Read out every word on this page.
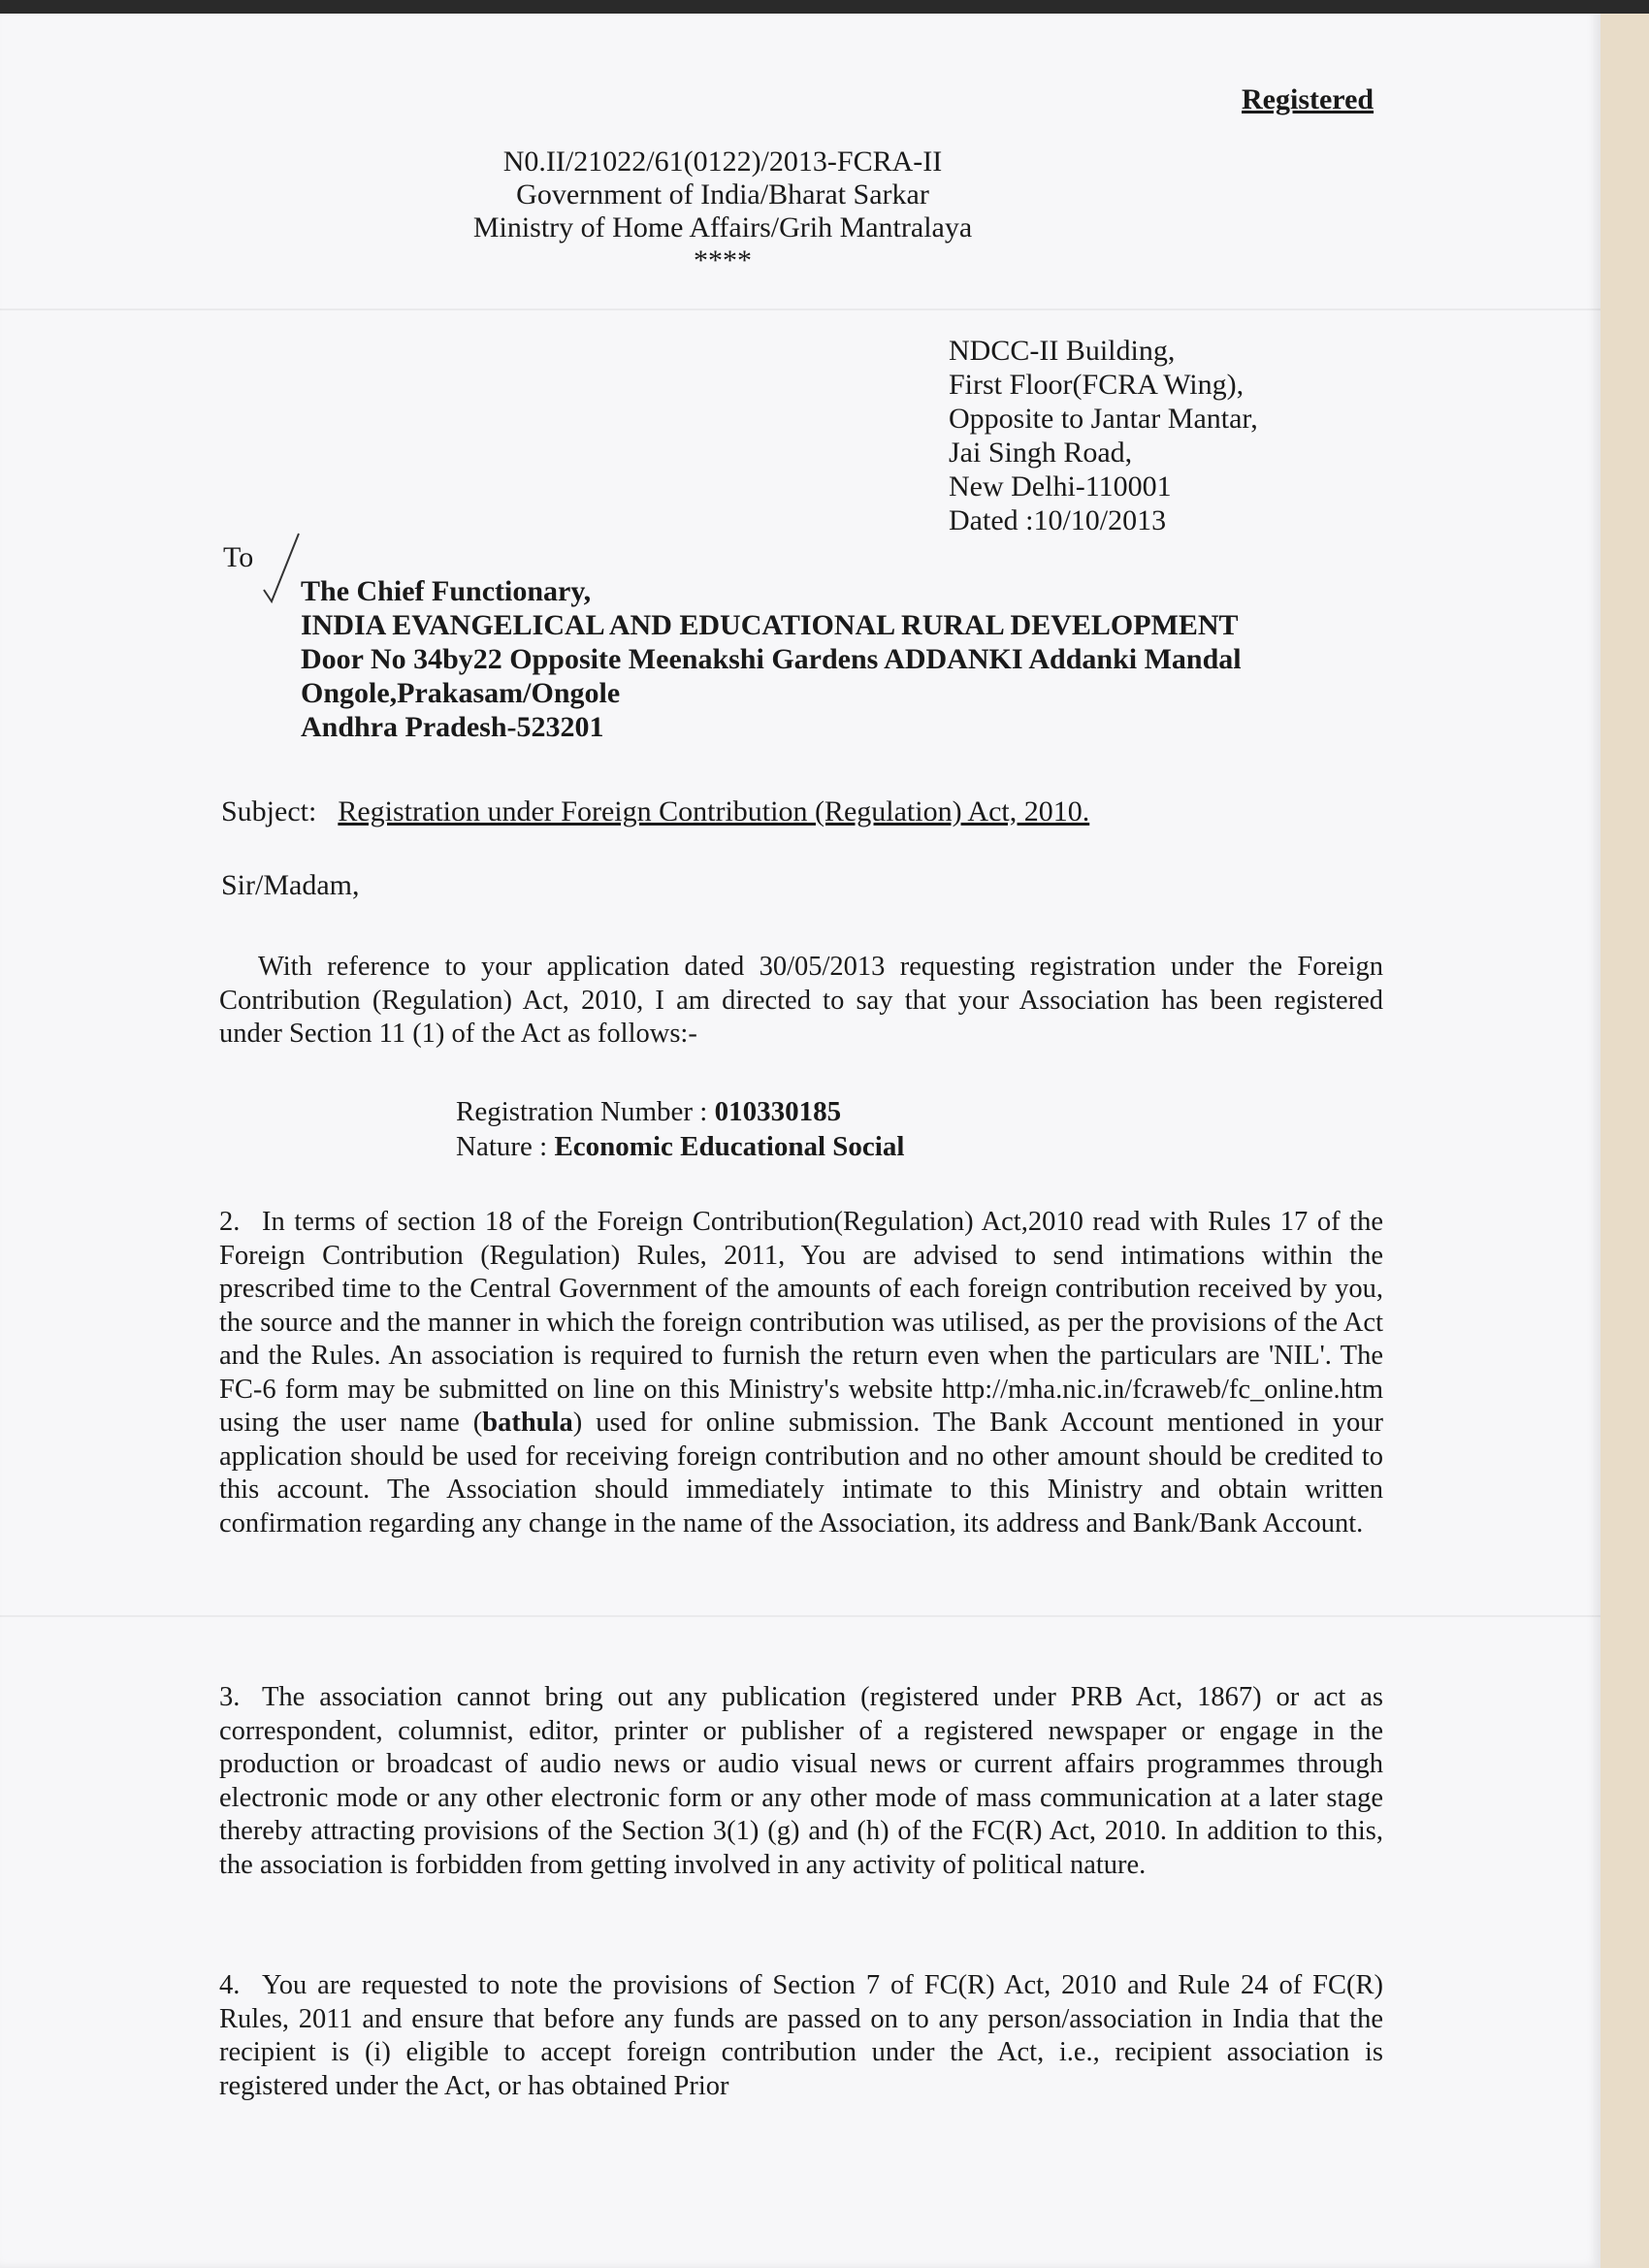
Registered
N0.II/21022/61(0122)/2013-FCRA-II
Government of India/Bharat Sarkar
Ministry of Home Affairs/Grih Mantralaya
****
NDCC-II Building,
First Floor(FCRA Wing),
Opposite to Jantar Mantar,
Jai Singh Road,
New Delhi-110001
Dated :10/10/2013
To
The Chief Functionary,
INDIA EVANGELICAL AND EDUCATIONAL RURAL DEVELOPMENT
Door No 34by22 Opposite Meenakshi Gardens ADDANKI Addanki Mandal
Ongole,Prakasam/Ongole
Andhra Pradesh-523201
Subject: Registration under Foreign Contribution (Regulation) Act, 2010.
Sir/Madam,
With reference to your application dated 30/05/2013 requesting registration under the Foreign Contribution (Regulation) Act, 2010, I am directed to say that your Association has been registered under Section 11 (1) of the Act as follows:-
Registration Number : 010330185
Nature : Economic Educational Social
2. In terms of section 18 of the Foreign Contribution(Regulation) Act,2010 read with Rules 17 of the Foreign Contribution (Regulation) Rules, 2011, You are advised to send intimations within the prescribed time to the Central Government of the amounts of each foreign contribution received by you, the source and the manner in which the foreign contribution was utilised, as per the provisions of the Act and the Rules. An association is required to furnish the return even when the particulars are 'NIL'. The FC-6 form may be submitted on line on this Ministry's website http://mha.nic.in/fcraweb/fc_online.htm using the user name (bathula) used for online submission. The Bank Account mentioned in your application should be used for receiving foreign contribution and no other amount should be credited to this account. The Association should immediately intimate to this Ministry and obtain written confirmation regarding any change in the name of the Association, its address and Bank/Bank Account.
3. The association cannot bring out any publication (registered under PRB Act, 1867) or act as correspondent, columnist, editor, printer or publisher of a registered newspaper or engage in the production or broadcast of audio news or audio visual news or current affairs programmes through electronic mode or any other electronic form or any other mode of mass communication at a later stage thereby attracting provisions of the Section 3(1) (g) and (h) of the FC(R) Act, 2010. In addition to this, the association is forbidden from getting involved in any activity of political nature.
4. You are requested to note the provisions of Section 7 of FC(R) Act, 2010 and Rule 24 of FC(R) Rules, 2011 and ensure that before any funds are passed on to any person/association in India that the recipient is (i) eligible to accept foreign contribution under the Act, i.e., recipient association is registered under the Act, or has obtained Prior
